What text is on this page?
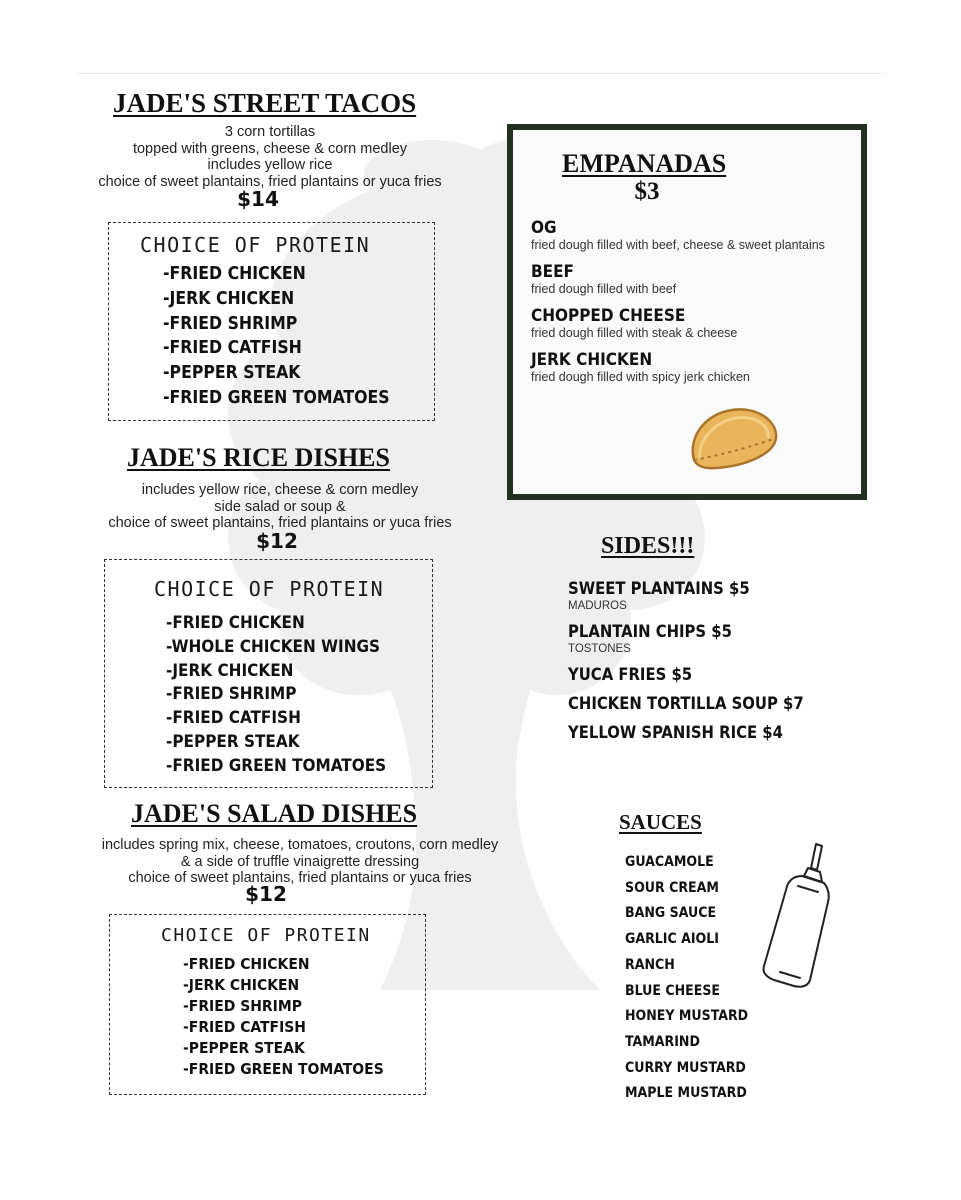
JADE'S STREET TACOS
3 corn tortillas
topped with greens, cheese & corn medley
includes yellow rice
choice of sweet plantains, fried plantains or yuca fries
$14
CHOICE OF PROTEIN
-FRIED CHICKEN
-JERK CHICKEN
-FRIED SHRIMP
-FRIED CATFISH
-PEPPER STEAK
-FRIED GREEN TOMATOES
JADE'S RICE DISHES
includes yellow rice, cheese & corn medley
side salad or soup &
choice of sweet plantains, fried plantains or yuca fries
$12
CHOICE OF PROTEIN
-FRIED CHICKEN
-WHOLE CHICKEN WINGS
-JERK CHICKEN
-FRIED SHRIMP
-FRIED CATFISH
-PEPPER STEAK
-FRIED GREEN TOMATOES
JADE'S SALAD DISHES
includes spring mix, cheese, tomatoes, croutons, corn medley
& a side of truffle vinaigrette dressing
choice of sweet plantains, fried plantains or yuca fries
$12
CHOICE OF PROTEIN
-FRIED CHICKEN
-JERK CHICKEN
-FRIED SHRIMP
-FRIED CATFISH
-PEPPER STEAK
-FRIED GREEN TOMATOES
EMPANADAS
$3
OG
fried dough filled with beef, cheese & sweet plantains
BEEF
fried dough filled with beef
CHOPPED CHEESE
fried dough filled with steak & cheese
JERK CHICKEN
fried dough filled with spicy jerk chicken
SIDES!!!
SWEET PLANTAINS $5
MADUROS
PLANTAIN CHIPS $5
TOSTONES
YUCA FRIES $5
CHICKEN TORTILLA SOUP $7
YELLOW SPANISH RICE $4
SAUCES
GUACAMOLE
SOUR CREAM
BANG SAUCE
GARLIC AIOLI
RANCH
BLUE CHEESE
HONEY MUSTARD
TAMARIND
CURRY MUSTARD
MAPLE MUSTARD
